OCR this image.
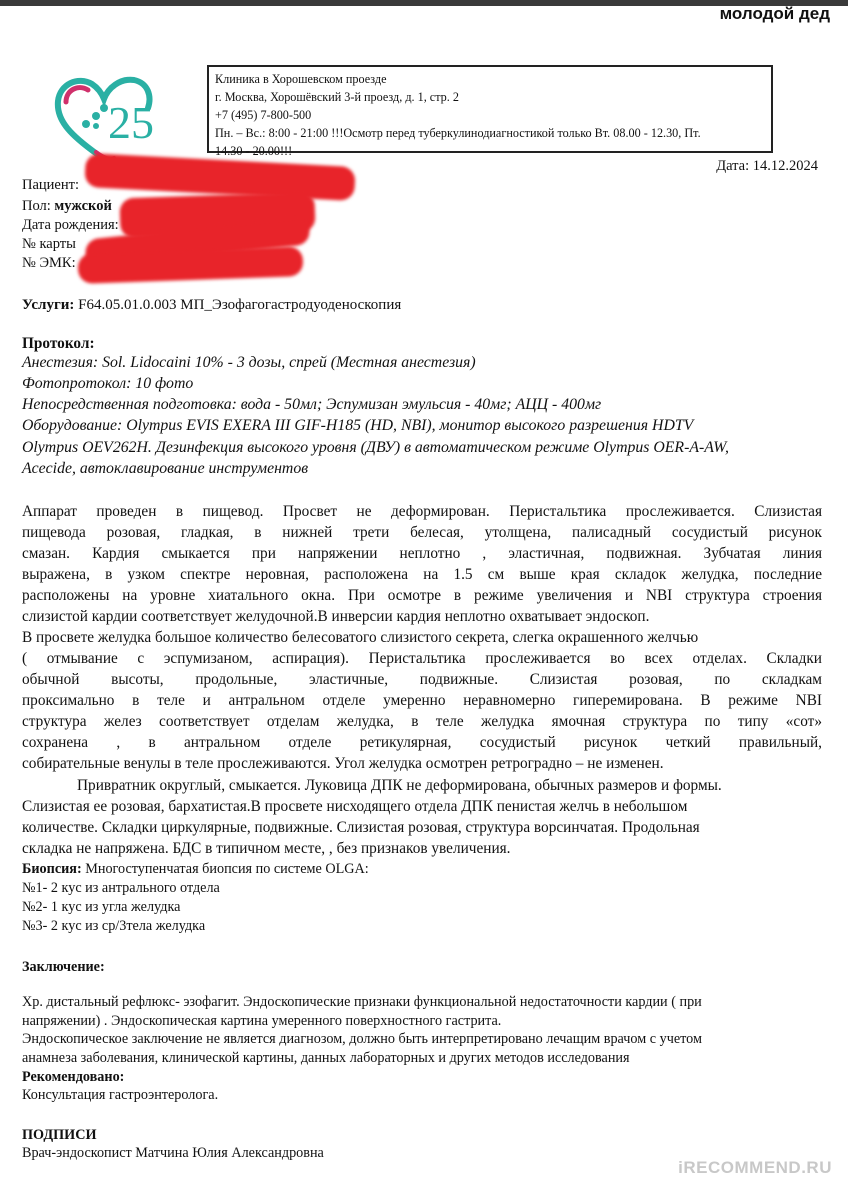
молодой дед
25
Клиника в Хорошевском проезде
г. Москва, Хорошёвский 3-й проезд, д. 1, стр. 2
+7 (495) 7-800-500
Пн. – Вс.: 8:00 - 21:00 !!!Осмотр перед туберкулинодиагностикой только Вт. 08.00 - 12.30, Пт.
14.30 - 20.00!!!
Дата: 14.12.2024
Пациент:
Пол: мужской
Дата рождения:
№ карты
№ ЭМК:
Услуги: F64.05.01.0.003 МП_Эзофагогастродуоденоскопия
Протокол:
Анестезия: Sol. Lidocaini 10% - 3 дозы, спрей (Местная анестезия)
Фотопротокол: 10 фото
Непосредственная подготовка: вода - 50мл; Эспумизан эмульсия - 40мг; АЦЦ - 400мг
Оборудование: Olympus EVIS EXERA III GIF-H185 (HD, NBI), монитор высокого разрешения HDTV
Olympus OEV262H. Дезинфекция высокого уровня (ДВУ) в автоматическом режиме Olympus OER-A-AW,
Acecide, автоклавирование инструментов
Аппарат проведен в пищевод. Просвет не деформирован. Перистальтика прослеживается. Слизистая
пищевода розовая, гладкая, в нижней трети белесая, утолщена, палисадный сосудистый рисунок
смазан. Кардия смыкается при напряжении неплотно , эластичная, подвижная. Зубчатая линия
выражена, в узком спектре неровная, расположена на 1.5 см выше края складок желудка, последние
расположены на уровне хиатального окна. При осмотре в режиме увеличения и NBI структура строения
слизистой кардии соответствует желудочной.В инверсии кардия неплотно охватывает эндоскоп.
В просвете желудка большое количество белесоватого слизистого секрета, слегка окрашенного желчью
( отмывание с эспумизаном, аспирация). Перистальтика прослеживается во всех отделах. Складки
обычной высоты, продольные, эластичные, подвижные. Слизистая розовая, по складкам
проксимально в теле и антральном отделе умеренно неравномерно гиперемирована. В режиме NBI
структура желез соответствует отделам желудка, в теле желудка ямочная структура по типу «сот»
сохранена , в антральном отделе ретикулярная, сосудистый рисунок четкий правильный,
собирательные венулы в теле прослеживаются. Угол желудка осмотрен ретроградно – не изменен.
Привратник округлый, смыкается. Луковица ДПК не деформирована, обычных размеров и формы.
Слизистая ее розовая, бархатистая.В просвете нисходящего отдела ДПК пенистая желчь в небольшом
количестве. Складки циркулярные, подвижные. Слизистая розовая, структура ворсинчатая. Продольная
складка не напряжена. БДС в типичном месте, , без признаков увеличения.
Биопсия: Многоступенчатая биопсия по системе OLGA:
№1- 2 кус из антрального отдела
№2- 1 кус из угла желудка
№3- 2 кус из ср/3тела желудка
Заключение:
Хр. дистальный рефлюкс- эзофагит. Эндоскопические признаки функциональной недостаточности кардии ( при
напряжении) . Эндоскопическая картина умеренного поверхностного гастрита.
Эндоскопическое заключение не является диагнозом, должно быть интерпретировано лечащим врачом с учетом
анамнеза заболевания, клинической картины, данных лабораторных и других методов исследования
Рекомендовано:
Консультация гастроэнтеролога.
ПОДПИСИ
Врач-эндоскопист Матчина Юлия Александровна
iRECOMMEND.RU
